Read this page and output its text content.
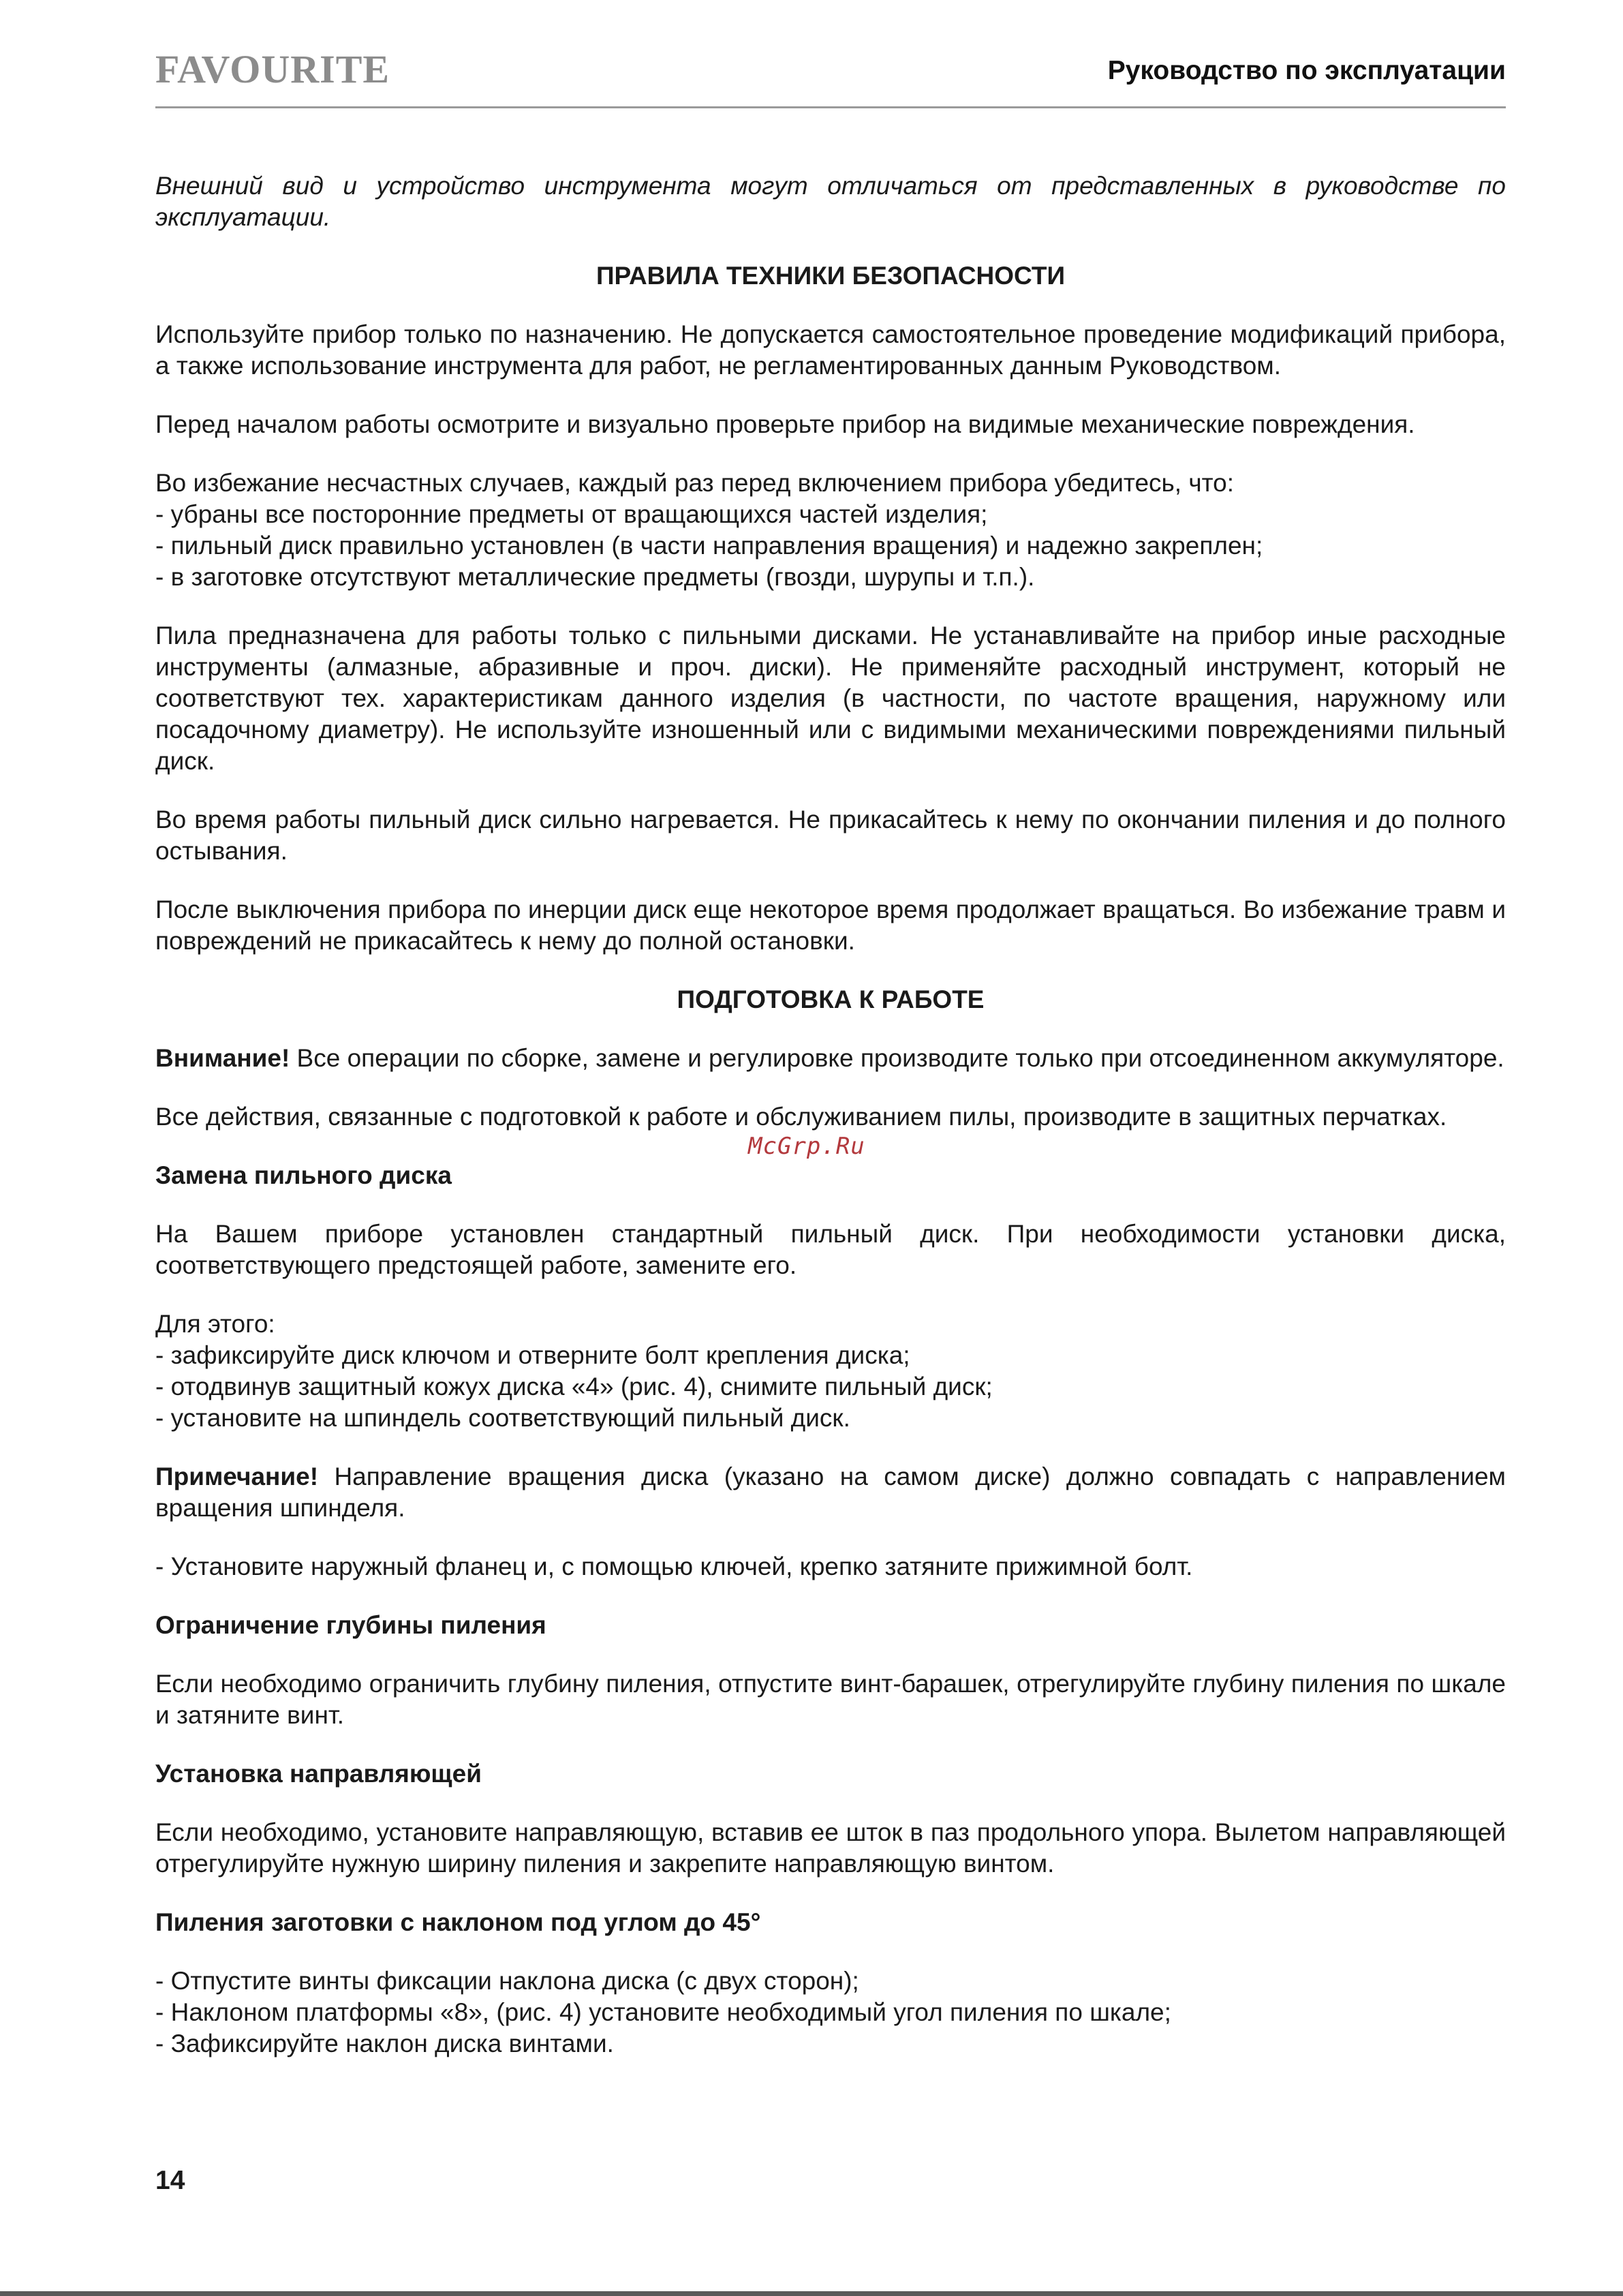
FAVOURITE	Руководство по эксплуатации

Внешний вид и устройство инструмента могут отличаться от представленных в руководстве по эксплуатации.

ПРАВИЛА ТЕХНИКИ БЕЗОПАСНОСТИ

Используйте прибор только по назначению. Не допускается самостоятельное проведение модификаций прибора, а также использование инструмента для работ, не регламентированных данным Руководством.

Перед началом работы осмотрите и визуально проверьте прибор на видимые механические повреждения.

Во избежание несчастных случаев, каждый раз перед включением прибора убедитесь, что:
- убраны все посторонние предметы от вращающихся частей изделия;
- пильный диск правильно установлен (в части направления вращения) и надежно закреплен;
- в заготовке отсутствуют металлические предметы (гвозди, шурупы и т.п.).

Пила предназначена для работы только с пильными дисками. Не устанавливайте на прибор иные расходные инструменты (алмазные, абразивные и проч. диски). Не применяйте расходный инструмент, который не соответствуют тех. характеристикам данного изделия (в частности, по частоте вращения, наружному или посадочному диаметру). Не используйте изношенный или с видимыми механическими повреждениями пильный диск.

Во время работы пильный диск сильно нагревается. Не прикасайтесь к нему по окончании пиления и до полного остывания.

После выключения прибора по инерции диск еще некоторое время продолжает вращаться. Во избежание травм и повреждений не прикасайтесь к нему до полной остановки.

ПОДГОТОВКА К РАБОТЕ

Внимание! Все операции по сборке, замене и регулировке производите только при отсоединенном аккумуляторе.

Все действия, связанные с подготовкой к работе и обслуживанием пилы, производите в защитных перчатках.

Замена пильного диска

На Вашем приборе установлен стандартный пильный диск. При необходимости установки диска, соответствующего предстоящей работе, замените его.

Для этого:
- зафиксируйте диск ключом и отверните болт крепления диска;
- отодвинув защитный кожух диска «4» (рис. 4), снимите пильный диск;
- установите на шпиндель соответствующий пильный диск.

Примечание! Направление вращения диска (указано на самом диске) должно совпадать с направлением вращения шпинделя.

- Установите наружный фланец и, с помощью ключей, крепко затяните прижимной болт.

Ограничение глубины пиления

Если необходимо ограничить глубину пиления, отпустите винт-барашек, отрегулируйте глубину пиления по шкале и затяните винт.

Установка направляющей

Если необходимо, установите направляющую, вставив ее шток в паз продольного упора. Вылетом направляющей отрегулируйте нужную ширину пиления и закрепите направляющую винтом.

Пиления заготовки с наклоном под углом до 45°

- Отпустите винты фиксации наклона диска (с двух сторон);
- Наклоном платформы «8», (рис. 4) установите необходимый угол пиления по шкале;
- Зафиксируйте наклон диска винтами.

14
McGrp.Ru
